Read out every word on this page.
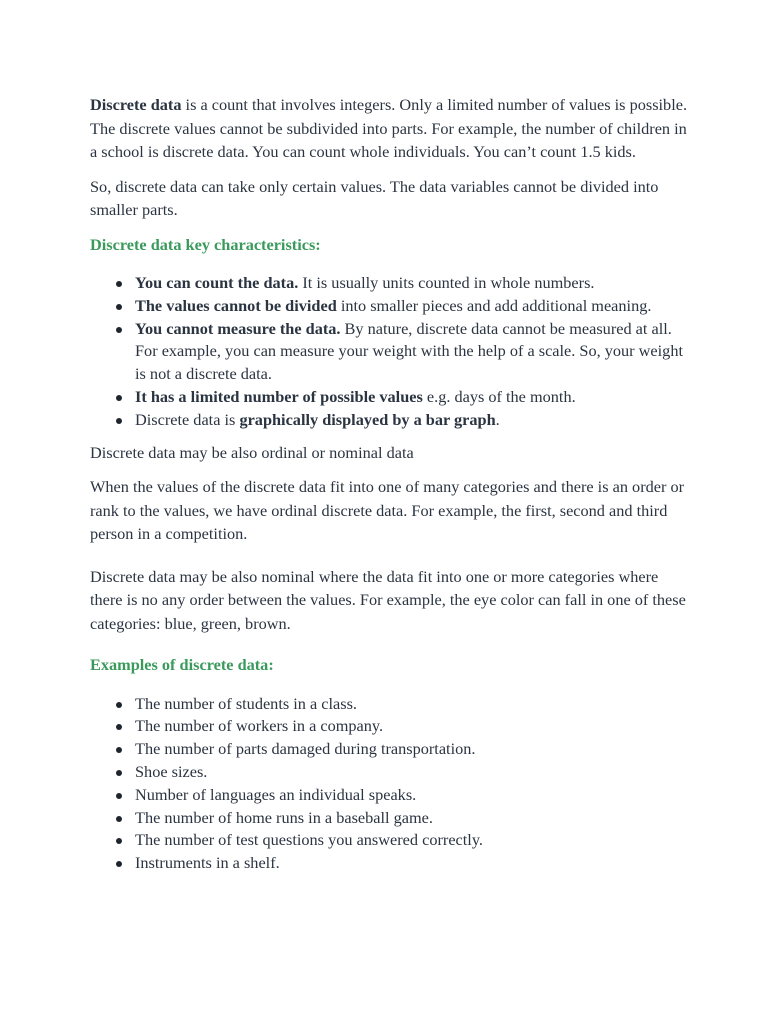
Discrete data is a count that involves integers. Only a limited number of values is possible. The discrete values cannot be subdivided into parts. For example, the number of children in a school is discrete data. You can count whole individuals. You can’t count 1.5 kids.

So, discrete data can take only certain values. The data variables cannot be divided into smaller parts.

Discrete data key characteristics:

You can count the data. It is usually units counted in whole numbers.
The values cannot be divided into smaller pieces and add additional meaning.
You cannot measure the data. By nature, discrete data cannot be measured at all. For example, you can measure your weight with the help of a scale. So, your weight is not a discrete data.
It has a limited number of possible values e.g. days of the month.
Discrete data is graphically displayed by a bar graph.

Discrete data may be also ordinal or nominal data

When the values of the discrete data fit into one of many categories and there is an order or rank to the values, we have ordinal discrete data. For example, the first, second and third person in a competition.

Discrete data may be also nominal where the data fit into one or more categories where there is no any order between the values. For example, the eye color can fall in one of these categories: blue, green, brown.

Examples of discrete data:

The number of students in a class.
The number of workers in a company.
The number of parts damaged during transportation.
Shoe sizes.
Number of languages an individual speaks.
The number of home runs in a baseball game.
The number of test questions you answered correctly.
Instruments in a shelf.
